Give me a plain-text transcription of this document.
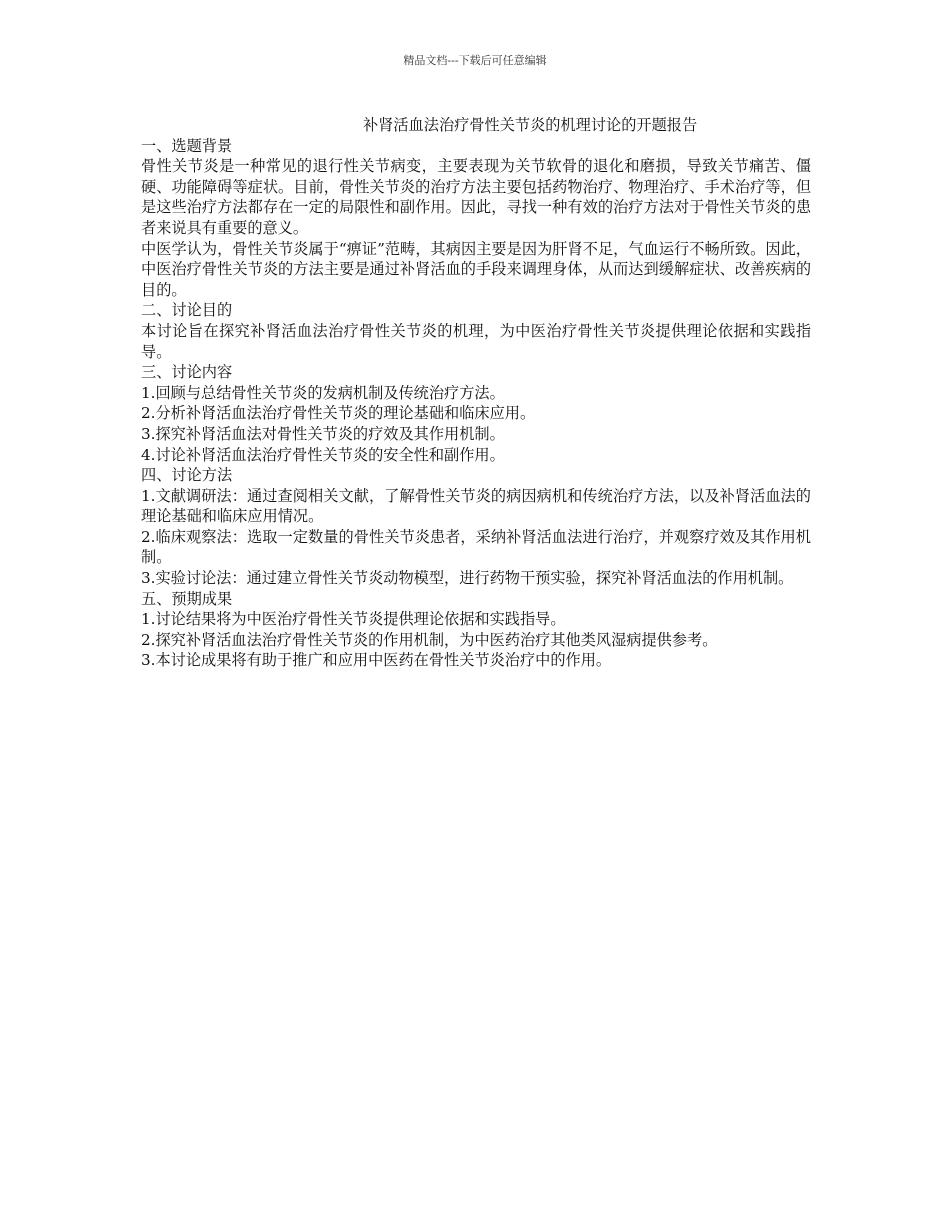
精品文档---下载后可任意编辑
补肾活血法治疗骨性关节炎的机理讨论的开题报告
一、选题背景
骨性关节炎是一种常见的退行性关节病变，主要表现为关节软骨的退化和磨损，导致关节痛苦、僵硬、功能障碍等症状。目前，骨性关节炎的治疗方法主要包括药物治疗、物理治疗、手术治疗等，但是这些治疗方法都存在一定的局限性和副作用。因此，寻找一种有效的治疗方法对于骨性关节炎的患者来说具有重要的意义。
中医学认为，骨性关节炎属于“痹证”范畴，其病因主要是因为肝肾不足，气血运行不畅所致。因此，中医治疗骨性关节炎的方法主要是通过补肾活血的手段来调理身体，从而达到缓解症状、改善疾病的目的。
二、讨论目的
本讨论旨在探究补肾活血法治疗骨性关节炎的机理，为中医治疗骨性关节炎提供理论依据和实践指导。
三、讨论内容
1.回顾与总结骨性关节炎的发病机制及传统治疗方法。
2.分析补肾活血法治疗骨性关节炎的理论基础和临床应用。
3.探究补肾活血法对骨性关节炎的疗效及其作用机制。
4.讨论补肾活血法治疗骨性关节炎的安全性和副作用。
四、讨论方法
1.文献调研法：通过查阅相关文献，了解骨性关节炎的病因病机和传统治疗方法，以及补肾活血法的理论基础和临床应用情况。
2.临床观察法：选取一定数量的骨性关节炎患者，采纳补肾活血法进行治疗，并观察疗效及其作用机制。
3.实验讨论法：通过建立骨性关节炎动物模型，进行药物干预实验，探究补肾活血法的作用机制。
五、预期成果
1.讨论结果将为中医治疗骨性关节炎提供理论依据和实践指导。
2.探究补肾活血法治疗骨性关节炎的作用机制，为中医药治疗其他类风湿病提供参考。
3.本讨论成果将有助于推广和应用中医药在骨性关节炎治疗中的作用。
